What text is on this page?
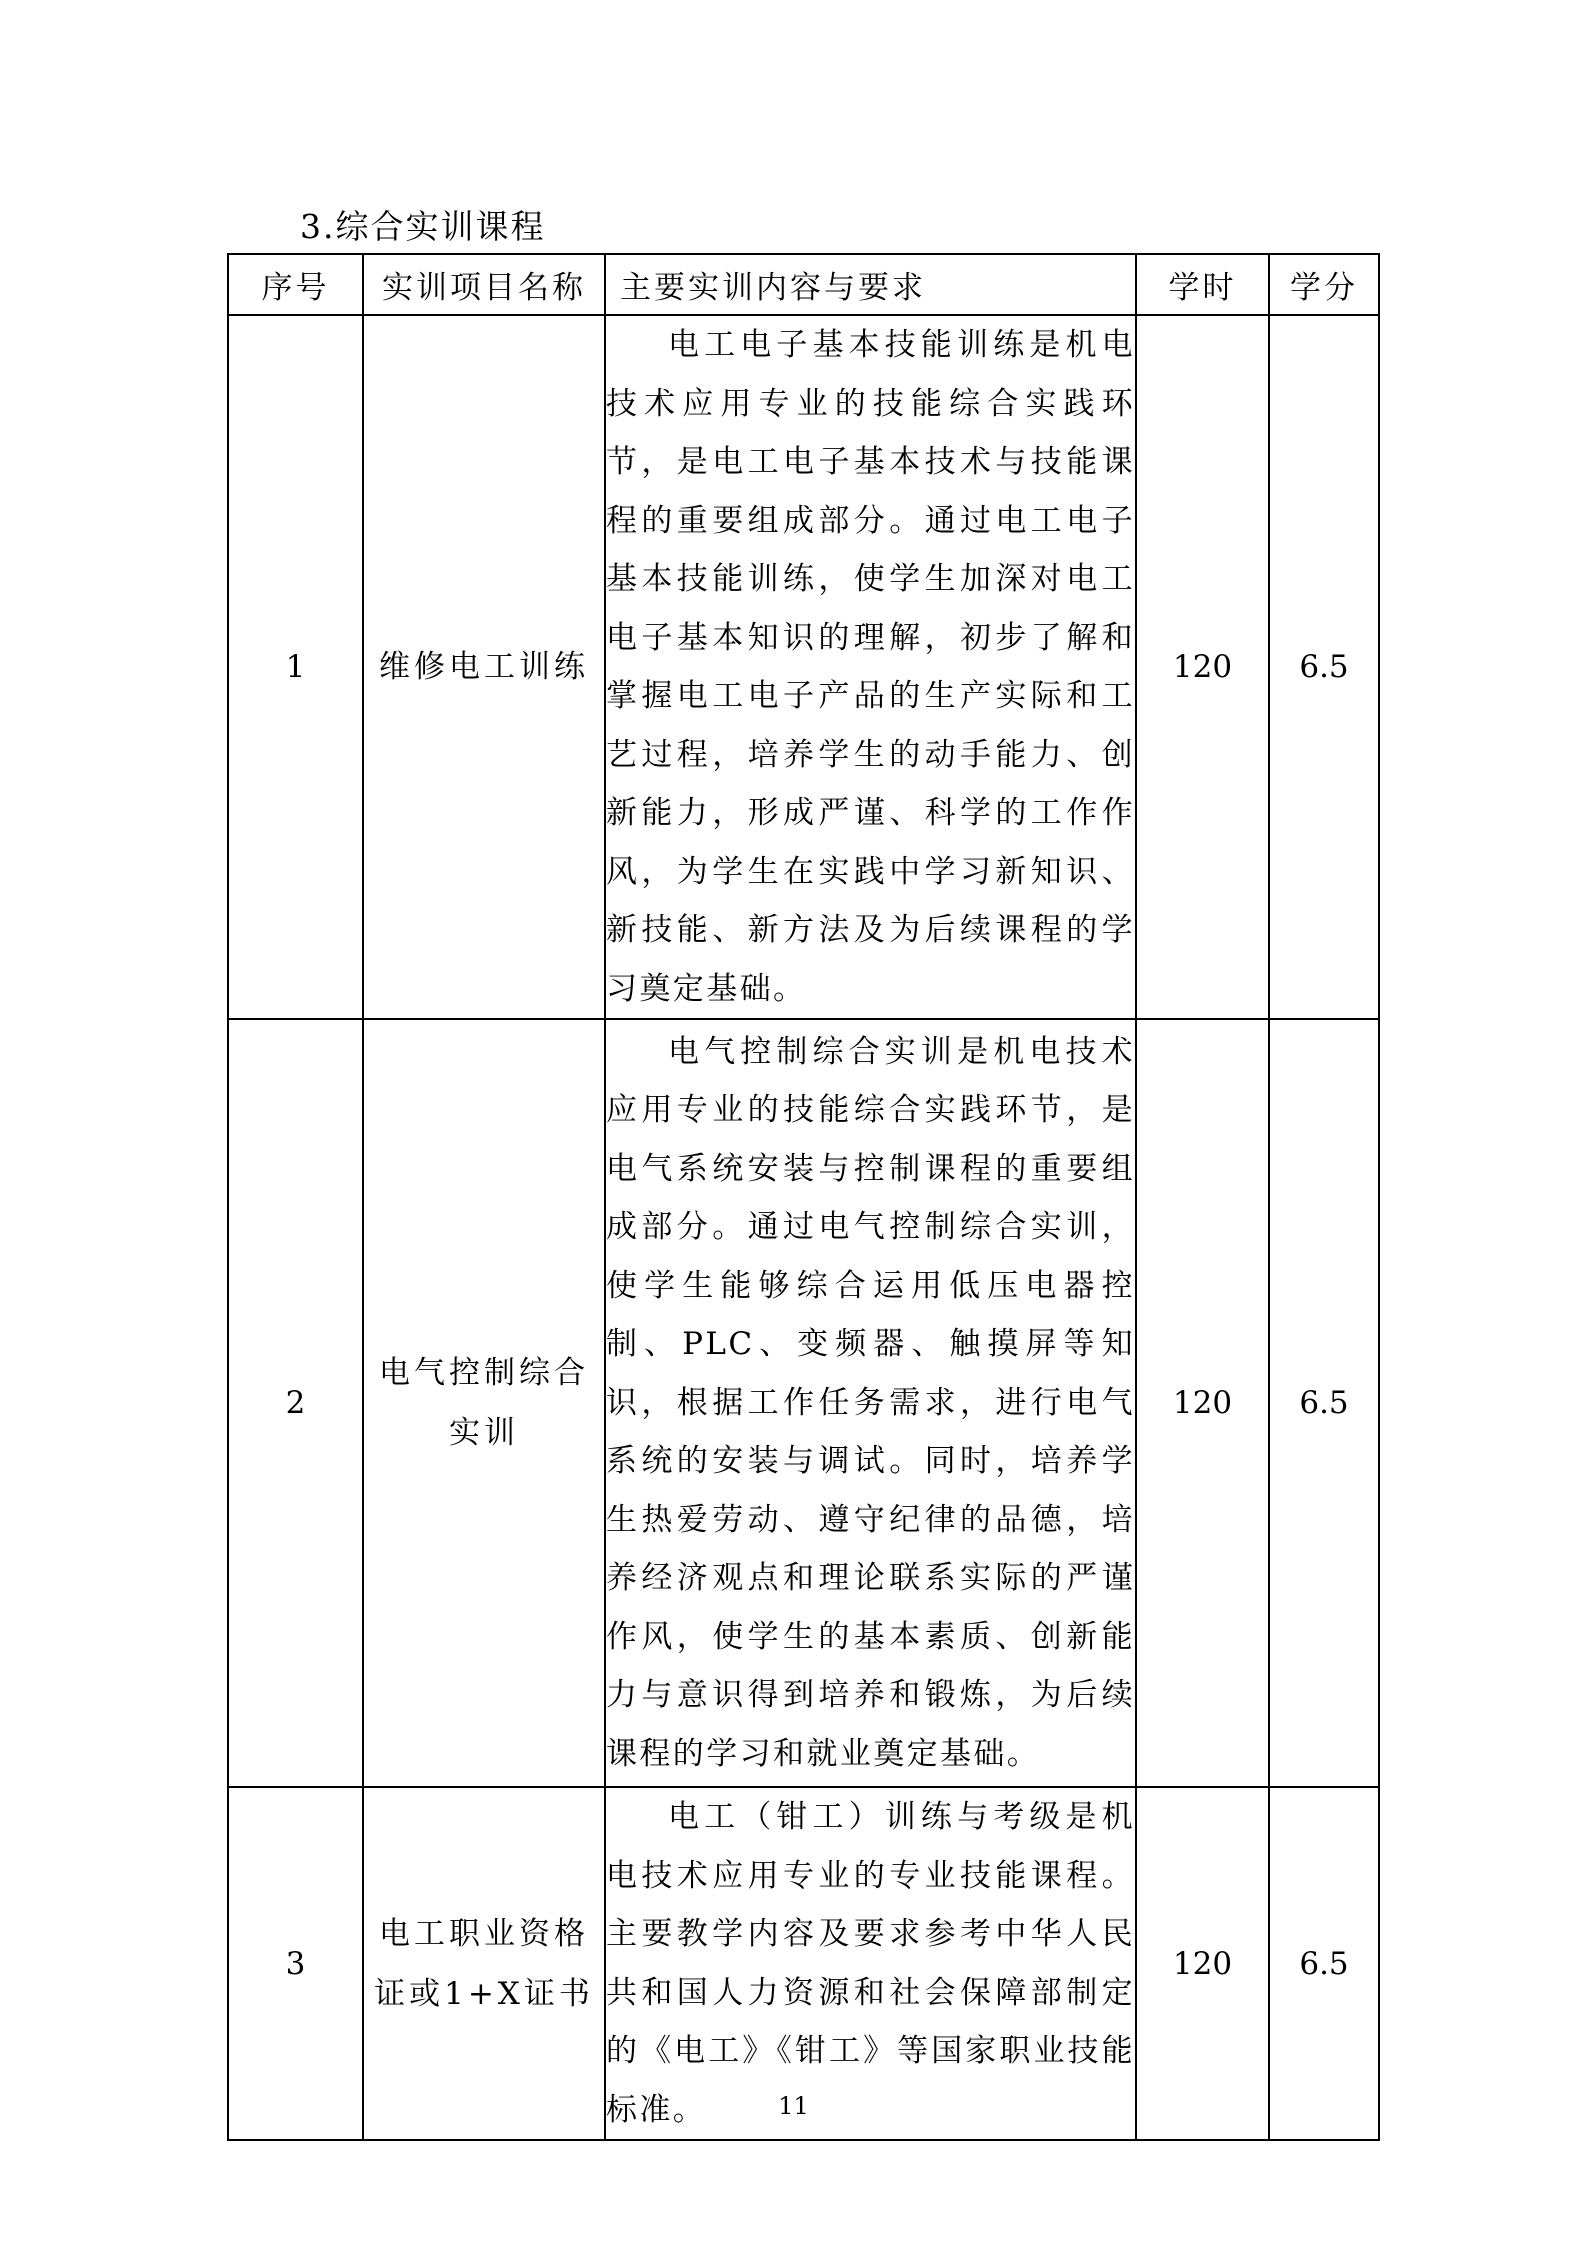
3.综合实训课程
序号	实训项目名称	主要实训内容与要求	学时	学分
1	维修电工训练	电工电子基本技能训练是机电技术应用专业的技能综合实践环节，是电工电子基本技术与技能课程的重要组成部分。通过电工电子基本技能训练，使学生加深对电工电子基本知识的理解，初步了解和掌握电工电子产品的生产实际和工艺过程，培养学生的动手能力、创新能力，形成严谨、科学的工作作风，为学生在实践中学习新知识、新技能、新方法及为后续课程的学习奠定基础。	120	6.5
2	电气控制综合实训	电气控制综合实训是机电技术应用专业的技能综合实践环节，是电气系统安装与控制课程的重要组成部分。通过电气控制综合实训，使学生能够综合运用低压电器控制、PLC、变频器、触摸屏等知识，根据工作任务需求，进行电气系统的安装与调试。同时，培养学生热爱劳动、遵守纪律的品德，培养经济观点和理论联系实际的严谨作风，使学生的基本素质、创新能力与意识得到培养和锻炼，为后续课程的学习和就业奠定基础。	120	6.5
3	电工职业资格证或1+X证书	电工（钳工）训练与考级是机电技术应用专业的专业技能课程。主要教学内容及要求参考中华人民共和国人力资源和社会保障部制定的《电工》《钳工》等国家职业技能标准。	120	6.5
11
